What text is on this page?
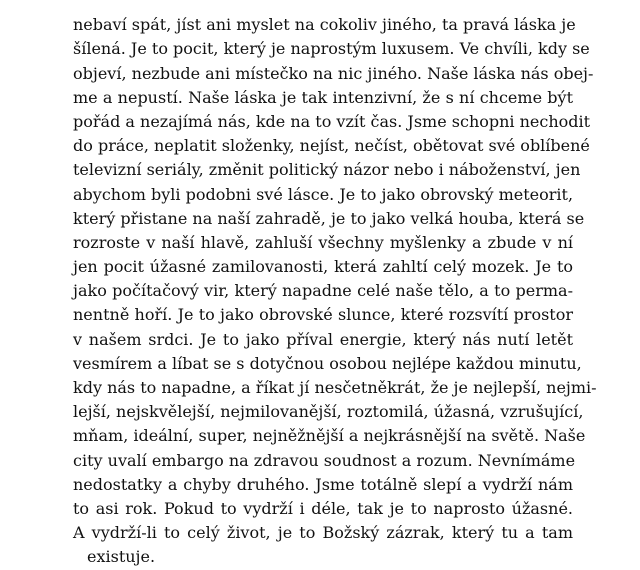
nebaví spát, jíst ani myslet na cokoliv jiného, ta pravá láska je
šílená. Je to pocit, který je naprostým luxusem. Ve chvíli, kdy se
objeví, nezbude ani místečko na nic jiného. Naše láska nás obej-
me a nepustí. Naše láska je tak intenzivní, že s ní chceme být
pořád a nezajímá nás, kde na to vzít čas. Jsme schopni nechodit
do práce, neplatit složenky, nejíst, nečíst, obětovat své oblíbené
televizní seriály, změnit politický názor nebo i náboženství, jen
abychom byli podobni své lásce. Je to jako obrovský meteorit,
který přistane na naší zahradě, je to jako velká houba, která se
rozroste v naší hlavě, zahluší všechny myšlenky a zbude v ní
jen pocit úžasné zamilovanosti, která zahltí celý mozek. Je to
jako počítačový vir, který napadne celé naše tělo, a to perma-
nentně hoří. Je to jako obrovské slunce, které rozsvítí prostor
v našem srdci. Je to jako příval energie, který nás nutí letět
vesmírem a líbat se s dotyčnou osobou nejlépe každou minutu,
kdy nás to napadne, a říkat jí nesčetněkrát, že je nejlepší, nejmi-
lejší, nejskvělejší, nejmilovanější, roztomilá, úžasná, vzrušující,
mňam, ideální, super, nejněžnější a nejkrásnější na světě. Naše
city uvalí embargo na zdravou soudnost a rozum. Nevnímáme
nedostatky a chyby druhého. Jsme totálně slepí a vydrží nám
to asi rok. Pokud to vydrží i déle, tak je to naprosto úžasné.
A vydrží-li to celý život, je to Božský zázrak, který tu a tam
existuje.
